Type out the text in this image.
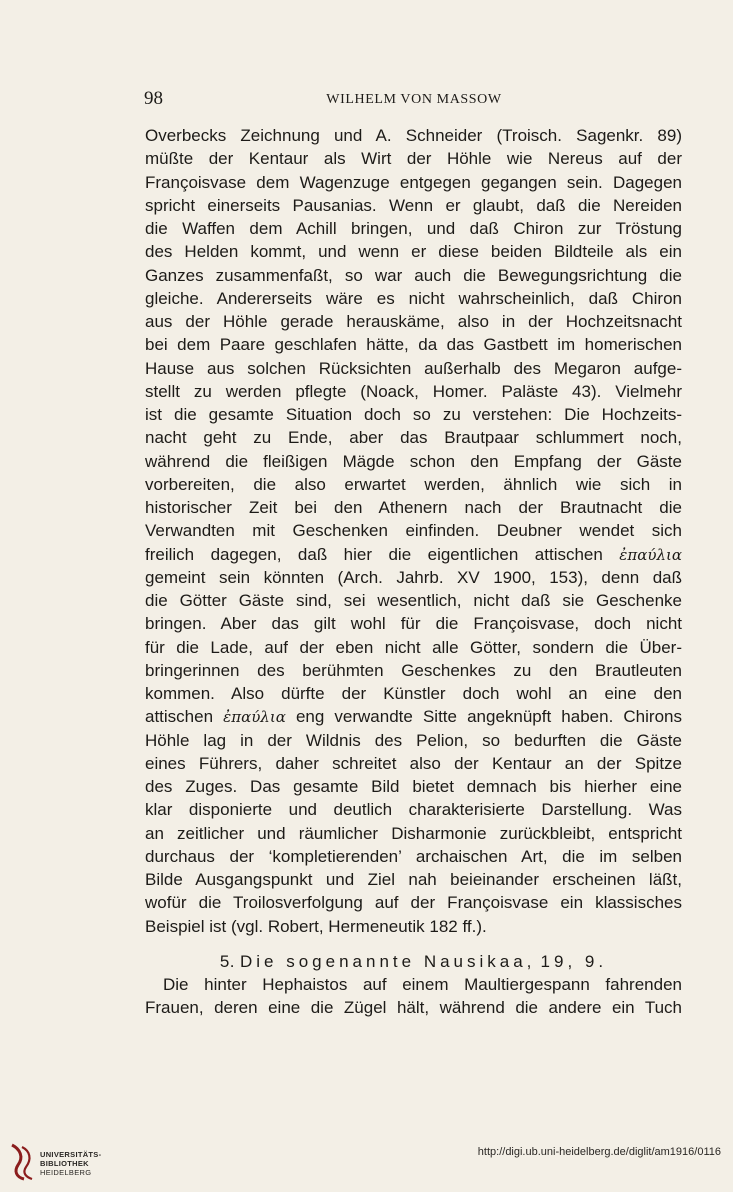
98	WILHELM VON MASSOW
Overbecks Zeichnung und A. Schneider (Troisch. Sagenkr. 89)
müßte der Kentaur als Wirt der Höhle wie Nereus auf der
Françoisvase dem Wagenzuge entgegen gegangen sein. Dagegen
spricht einerseits Pausanias. Wenn er glaubt, daß die Nereiden
die Waffen dem Achill bringen, und daß Chiron zur Tröstung
des Helden kommt, und wenn er diese beiden Bildteile als ein
Ganzes zusammenfaßt, so war auch die Bewegungsrichtung die
gleiche. Andererseits wäre es nicht wahrscheinlich, daß Chiron
aus der Höhle gerade herauskäme, also in der Hochzeitsnacht
bei dem Paare geschlafen hätte, da das Gastbett im homerischen
Hause aus solchen Rücksichten außerhalb des Megaron aufge-
stellt zu werden pflegte (Noack, Homer. Paläste 43). Vielmehr
ist die gesamte Situation doch so zu verstehen: Die Hochzeits-
nacht geht zu Ende, aber das Brautpaar schlummert noch,
während die fleißigen Mägde schon den Empfang der Gäste
vorbereiten, die also erwartet werden, ähnlich wie sich in
historischer Zeit bei den Athenern nach der Brautnacht die
Verwandten mit Geschenken einfinden. Deubner wendet sich
freilich dagegen, daß hier die eigentlichen attischen ἐπαύλια
gemeint sein könnten (Arch. Jahrb. XV 1900, 153), denn daß
die Götter Gäste sind, sei wesentlich, nicht daß sie Geschenke
bringen. Aber das gilt wohl für die Françoisvase, doch nicht
für die Lade, auf der eben nicht alle Götter, sondern die Über-
bringerinnen des berühmten Geschenkes zu den Brautleuten
kommen. Also dürfte der Künstler doch wohl an eine den
attischen ἐπαύλια eng verwandte Sitte angeknüpft haben. Chirons
Höhle lag in der Wildnis des Pelion, so bedurften die Gäste
eines Führers, daher schreitet also der Kentaur an der Spitze
des Zuges. Das gesamte Bild bietet demnach bis hierher eine
klar disponierte und deutlich charakterisierte Darstellung. Was
an zeitlicher und räumlicher Disharmonie zurückbleibt, entspricht
durchaus der ‘kompletierenden’ archaischen Art, die im selben
Bilde Ausgangspunkt und Ziel nah beieinander erscheinen läßt,
wofür die Troilosverfolgung auf der Françoisvase ein klassisches
Beispiel ist (vgl. Robert, Hermeneutik 182 ff.).
5. Die sogenannte Nausikaa, 19, 9.
Die hinter Hephaistos auf einem Maultiergespann fahrenden
Frauen, deren eine die Zügel hält, während die andere ein Tuch
UNIVERSITÄTS-
BIBLIOTHEK
HEIDELBERG
http://digi.ub.uni-heidelberg.de/diglit/am1916/0116
